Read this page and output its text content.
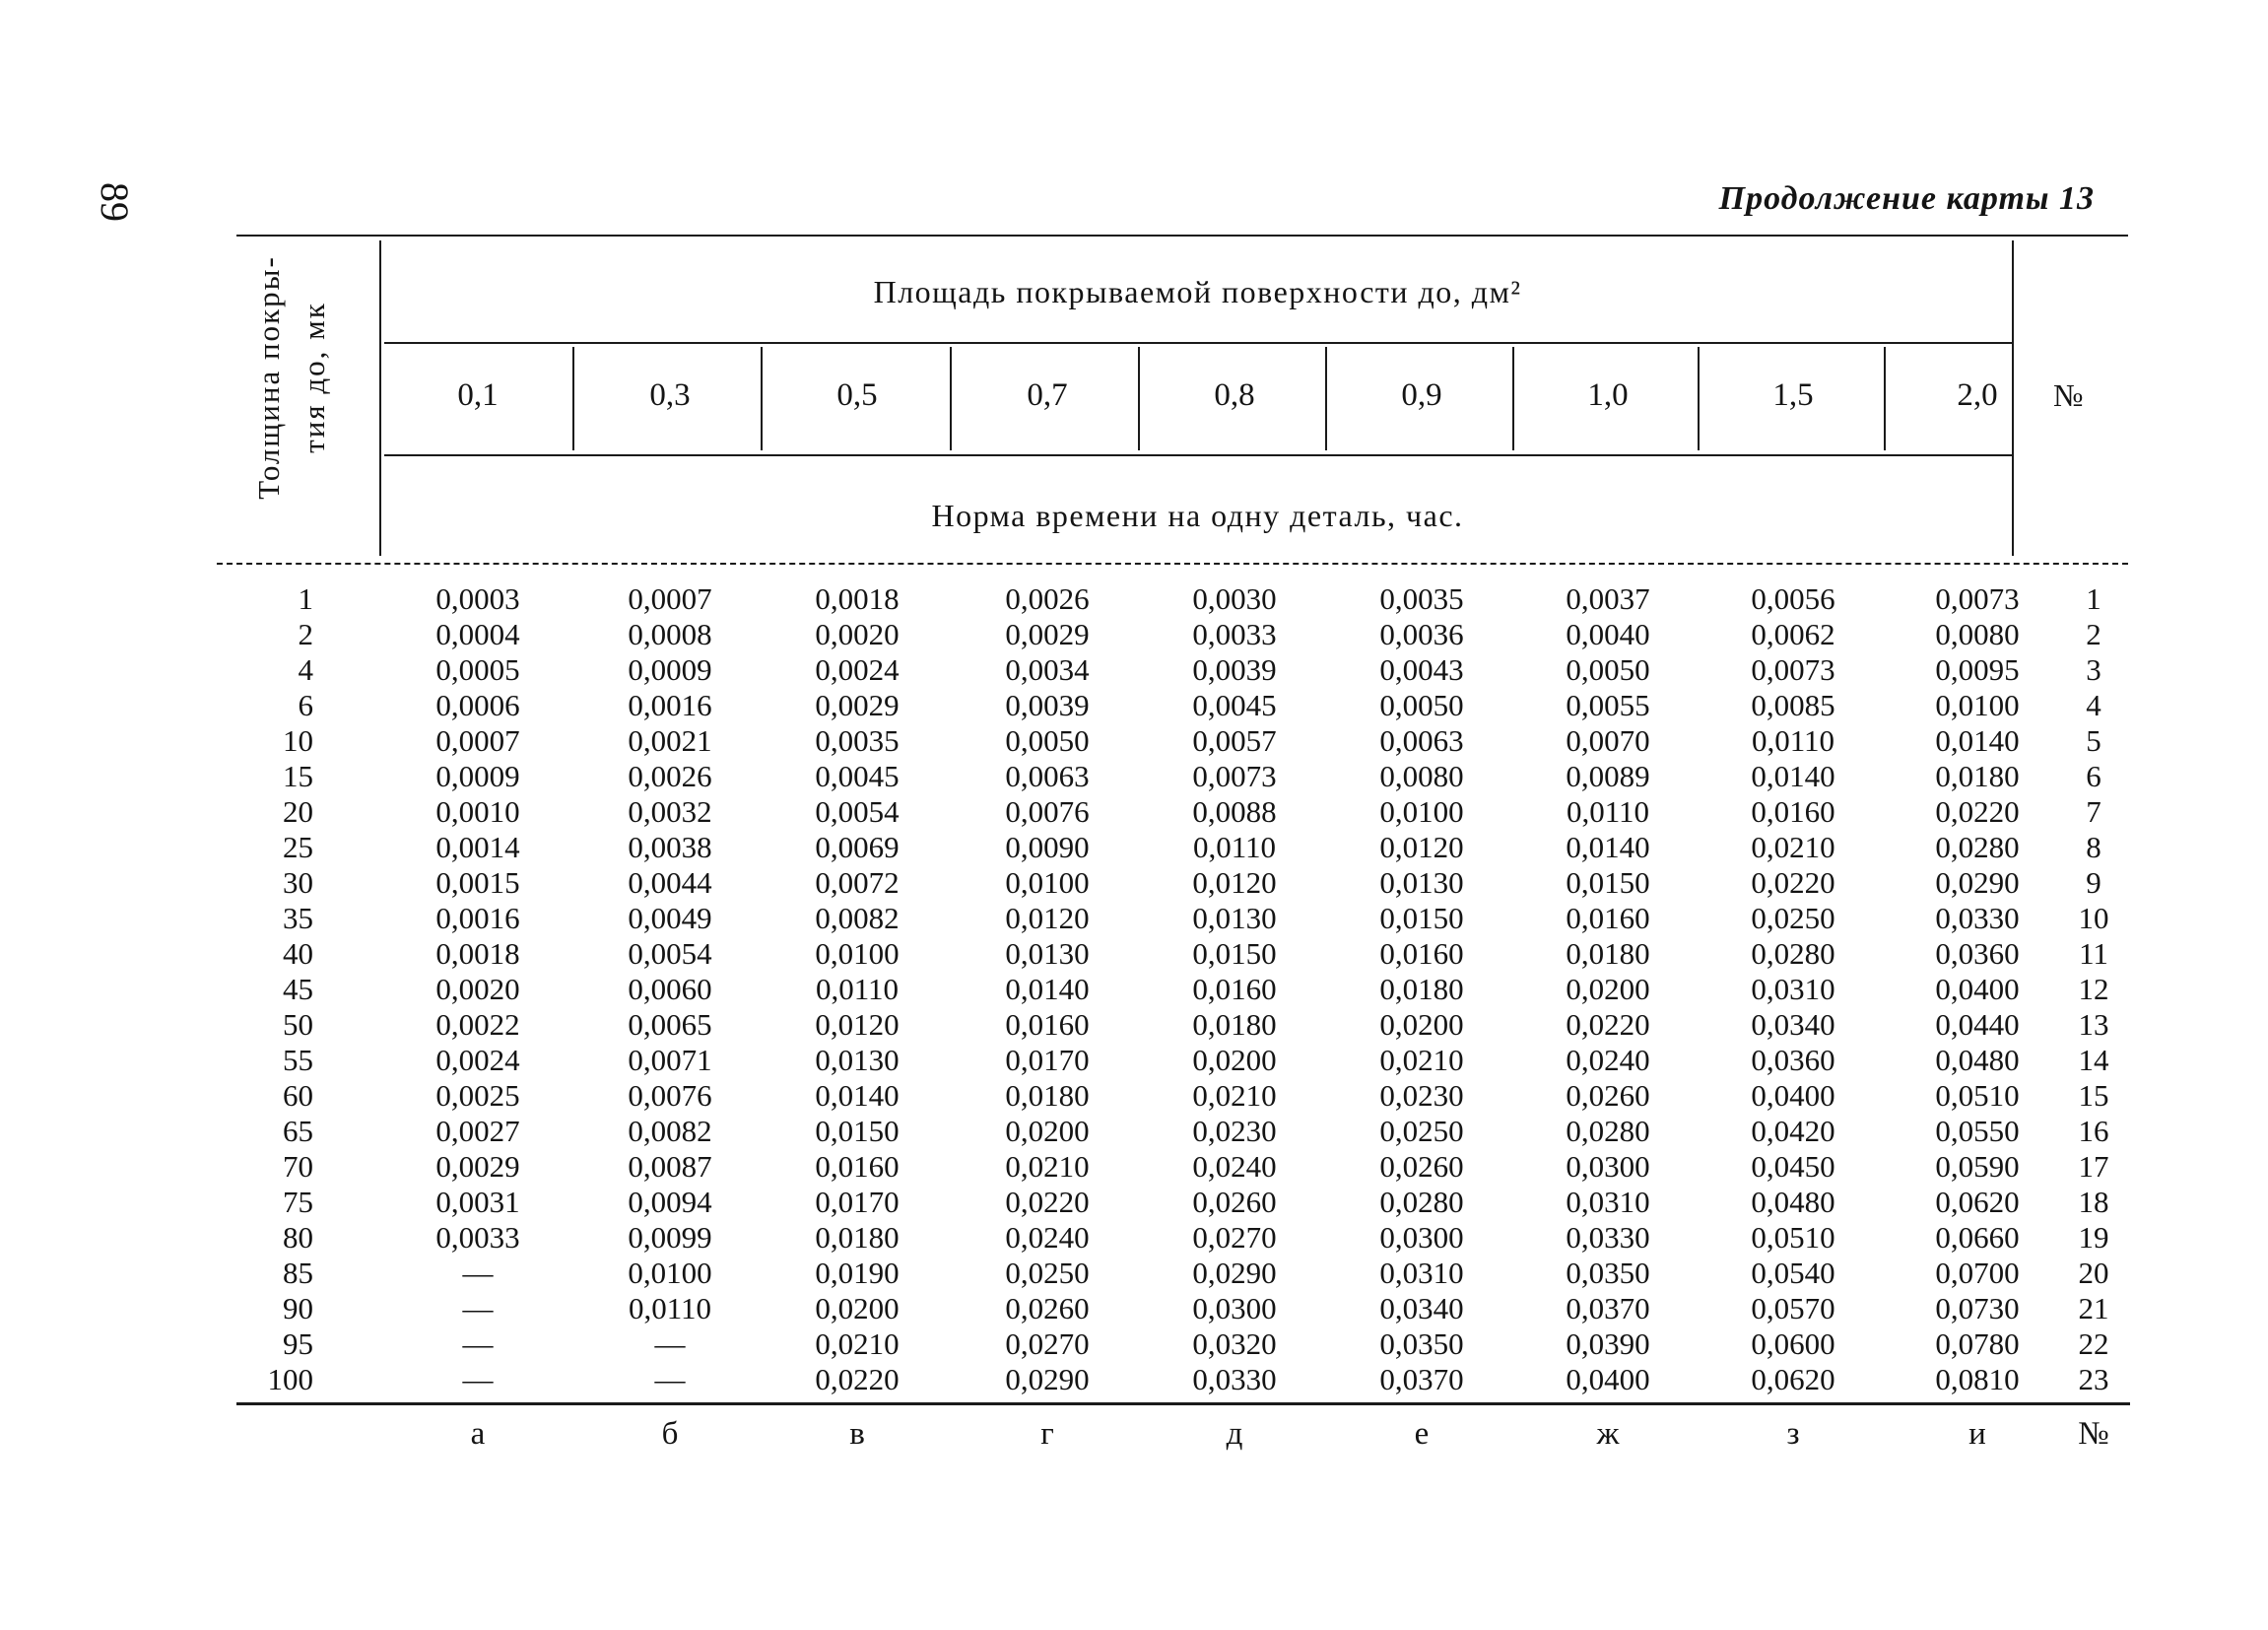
89	Продолжение карты 13
Толщина покры- тия до, мк
Площадь покрываемой поверхности до, дм²
Норма времени на одну деталь, час.
№
0,1	0,3	0,5	0,7	0,8	0,9	1,0	1,5	2,0
1	0,0003	0,0007	0,0018	0,0026	0,0030	0,0035	0,0037	0,0056	0,0073	1
2	0,0004	0,0008	0,0020	0,0029	0,0033	0,0036	0,0040	0,0062	0,0080	2
4	0,0005	0,0009	0,0024	0,0034	0,0039	0,0043	0,0050	0,0073	0,0095	3
6	0,0006	0,0016	0,0029	0,0039	0,0045	0,0050	0,0055	0,0085	0,0100	4
10	0,0007	0,0021	0,0035	0,0050	0,0057	0,0063	0,0070	0,0110	0,0140	5
15	0,0009	0,0026	0,0045	0,0063	0,0073	0,0080	0,0089	0,0140	0,0180	6
20	0,0010	0,0032	0,0054	0,0076	0,0088	0,0100	0,0110	0,0160	0,0220	7
25	0,0014	0,0038	0,0069	0,0090	0,0110	0,0120	0,0140	0,0210	0,0280	8
30	0,0015	0,0044	0,0072	0,0100	0,0120	0,0130	0,0150	0,0220	0,0290	9
35	0,0016	0,0049	0,0082	0,0120	0,0130	0,0150	0,0160	0,0250	0,0330	10
40	0,0018	0,0054	0,0100	0,0130	0,0150	0,0160	0,0180	0,0280	0,0360	11
45	0,0020	0,0060	0,0110	0,0140	0,0160	0,0180	0,0200	0,0310	0,0400	12
50	0,0022	0,0065	0,0120	0,0160	0,0180	0,0200	0,0220	0,0340	0,0440	13
55	0,0024	0,0071	0,0130	0,0170	0,0200	0,0210	0,0240	0,0360	0,0480	14
60	0,0025	0,0076	0,0140	0,0180	0,0210	0,0230	0,0260	0,0400	0,0510	15
65	0,0027	0,0082	0,0150	0,0200	0,0230	0,0250	0,0280	0,0420	0,0550	16
70	0,0029	0,0087	0,0160	0,0210	0,0240	0,0260	0,0300	0,0450	0,0590	17
75	0,0031	0,0094	0,0170	0,0220	0,0260	0,0280	0,0310	0,0480	0,0620	18
80	0,0033	0,0099	0,0180	0,0240	0,0270	0,0300	0,0330	0,0510	0,0660	19
85	—	0,0100	0,0190	0,0250	0,0290	0,0310	0,0350	0,0540	0,0700	20
90	—	0,0110	0,0200	0,0260	0,0300	0,0340	0,0370	0,0570	0,0730	21
95	—	—	0,0210	0,0270	0,0320	0,0350	0,0390	0,0600	0,0780	22
100	—	—	0,0220	0,0290	0,0330	0,0370	0,0400	0,0620	0,0810	23
а	б	в	г	д	е	ж	з	и	№
